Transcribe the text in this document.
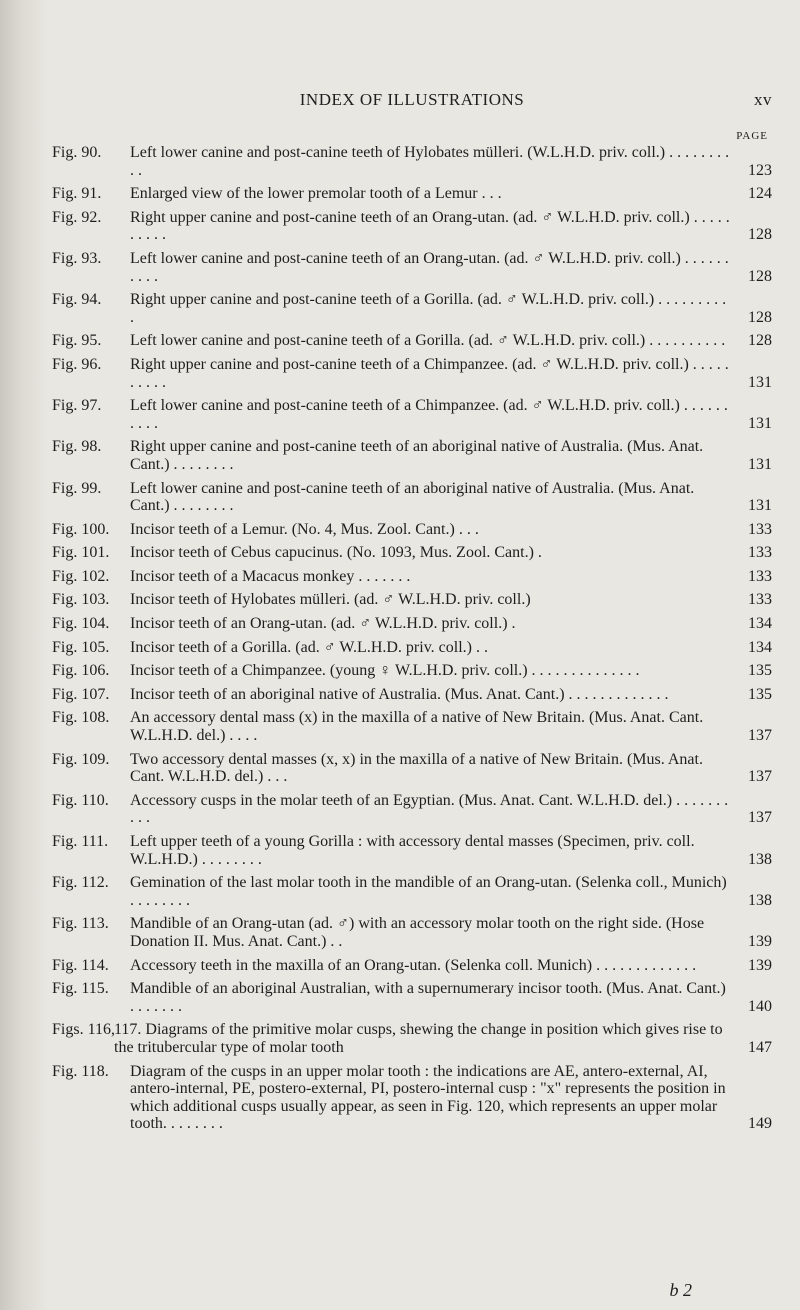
INDEX OF ILLUSTRATIONS	xv
PAGE
Fig. 90.	Left lower canine and post-canine teeth of Hylobates mülleri. (W.L.H.D. priv. coll.) . . . . . . . . . .	123
Fig. 91.	Enlarged view of the lower premolar tooth of a Lemur . . .	124
Fig. 92.	Right upper canine and post-canine teeth of an Orang-utan. (ad. ♂ W.L.H.D. priv. coll.) . . . . . . . . . .	128
Fig. 93.	Left lower canine and post-canine teeth of an Orang-utan. (ad. ♂ W.L.H.D. priv. coll.) . . . . . . . . . .	128
Fig. 94.	Right upper canine and post-canine teeth of a Gorilla. (ad. ♂ W.L.H.D. priv. coll.) . . . . . . . . . .	128
Fig. 95.	Left lower canine and post-canine teeth of a Gorilla. (ad. ♂ W.L.H.D. priv. coll.) . . . . . . . . . .	128
Fig. 96.	Right upper canine and post-canine teeth of a Chimpanzee. (ad. ♂ W.L.H.D. priv. coll.) . . . . . . . . . .	131
Fig. 97.	Left lower canine and post-canine teeth of a Chimpanzee. (ad. ♂ W.L.H.D. priv. coll.) . . . . . . . . . .	131
Fig. 98.	Right upper canine and post-canine teeth of an aboriginal native of Australia. (Mus. Anat. Cant.) . . . . . . . .	131
Fig. 99.	Left lower canine and post-canine teeth of an aboriginal native of Australia. (Mus. Anat. Cant.) . . . . . . . .	131
Fig. 100.	Incisor teeth of a Lemur. (No. 4, Mus. Zool. Cant.) . . .	133
Fig. 101.	Incisor teeth of Cebus capucinus. (No. 1093, Mus. Zool. Cant.) .	133
Fig. 102.	Incisor teeth of a Macacus monkey . . . . . . .	133
Fig. 103.	Incisor teeth of Hylobates mülleri. (ad. ♂ W.L.H.D. priv. coll.)	133
Fig. 104.	Incisor teeth of an Orang-utan. (ad. ♂ W.L.H.D. priv. coll.) .	134
Fig. 105.	Incisor teeth of a Gorilla. (ad. ♂ W.L.H.D. priv. coll.) . .	134
Fig. 106.	Incisor teeth of a Chimpanzee. (young ♀ W.L.H.D. priv. coll.) . . . . . . . . . . . . . .	135
Fig. 107.	Incisor teeth of an aboriginal native of Australia. (Mus. Anat. Cant.) . . . . . . . . . . . . .	135
Fig. 108.	An accessory dental mass (x) in the maxilla of a native of New Britain. (Mus. Anat. Cant. W.L.H.D. del.) . . . .	137
Fig. 109.	Two accessory dental masses (x, x) in the maxilla of a native of New Britain. (Mus. Anat. Cant. W.L.H.D. del.) . . .	137
Fig. 110.	Accessory cusps in the molar teeth of an Egyptian. (Mus. Anat. Cant. W.L.H.D. del.) . . . . . . . . . .	137
Fig. 111.	Left upper teeth of a young Gorilla : with accessory dental masses (Specimen, priv. coll. W.L.H.D.) . . . . . . . .	138
Fig. 112.	Gemination of the last molar tooth in the mandible of an Orang-utan. (Selenka coll., Munich) . . . . . . . .	138
Fig. 113.	Mandible of an Orang-utan (ad. ♂) with an accessory molar tooth on the right side. (Hose Donation II. Mus. Anat. Cant.) . .	139
Fig. 114.	Accessory teeth in the maxilla of an Orang-utan. (Selenka coll. Munich) . . . . . . . . . . . . .	139
Fig. 115.	Mandible of an aboriginal Australian, with a supernumerary incisor tooth. (Mus. Anat. Cant.) . . . . . . .	140
Figs. 116, 117. Diagrams of the primitive molar cusps, shewing the change in position which gives rise to the tritubercular type of molar tooth	147
Fig. 118.	Diagram of the cusps in an upper molar tooth : the indications are AE, antero-external, AI, antero-internal, PE, postero-external, PI, postero-internal cusp : "x" represents the position in which additional cusps usually appear, as seen in Fig. 120, which represents an upper molar tooth. . . . . . . .	149
b 2
